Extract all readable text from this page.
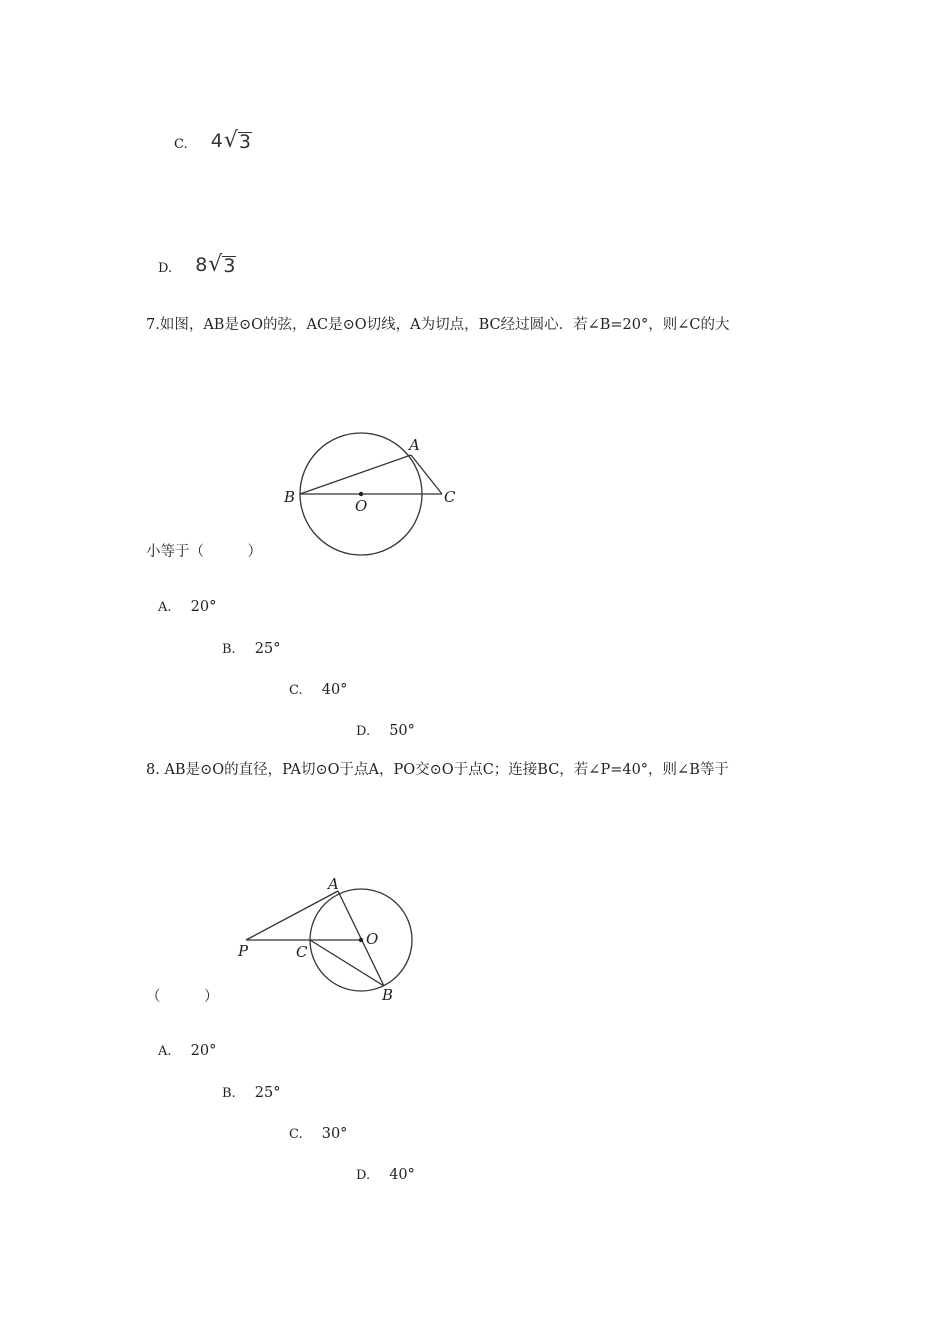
C. 4 √ 3
D. 8 √ 3
7.如图，AB是⊙O的弦，AC是⊙O切线，A为切点，BC经过圆心．若∠B=20°，则∠C的大
A
B	O	C
小等于（　　　）
A. 20°
B. 25°
C. 40°
D. 50°
8. AB是⊙O的直径，PA切⊙O于点A，PO交⊙O于点C；连接BC，若∠P=40°，则∠B等于
A
P	C
O
B
（　　　）
A. 20°
B. 25°
C. 30°
D. 40°
